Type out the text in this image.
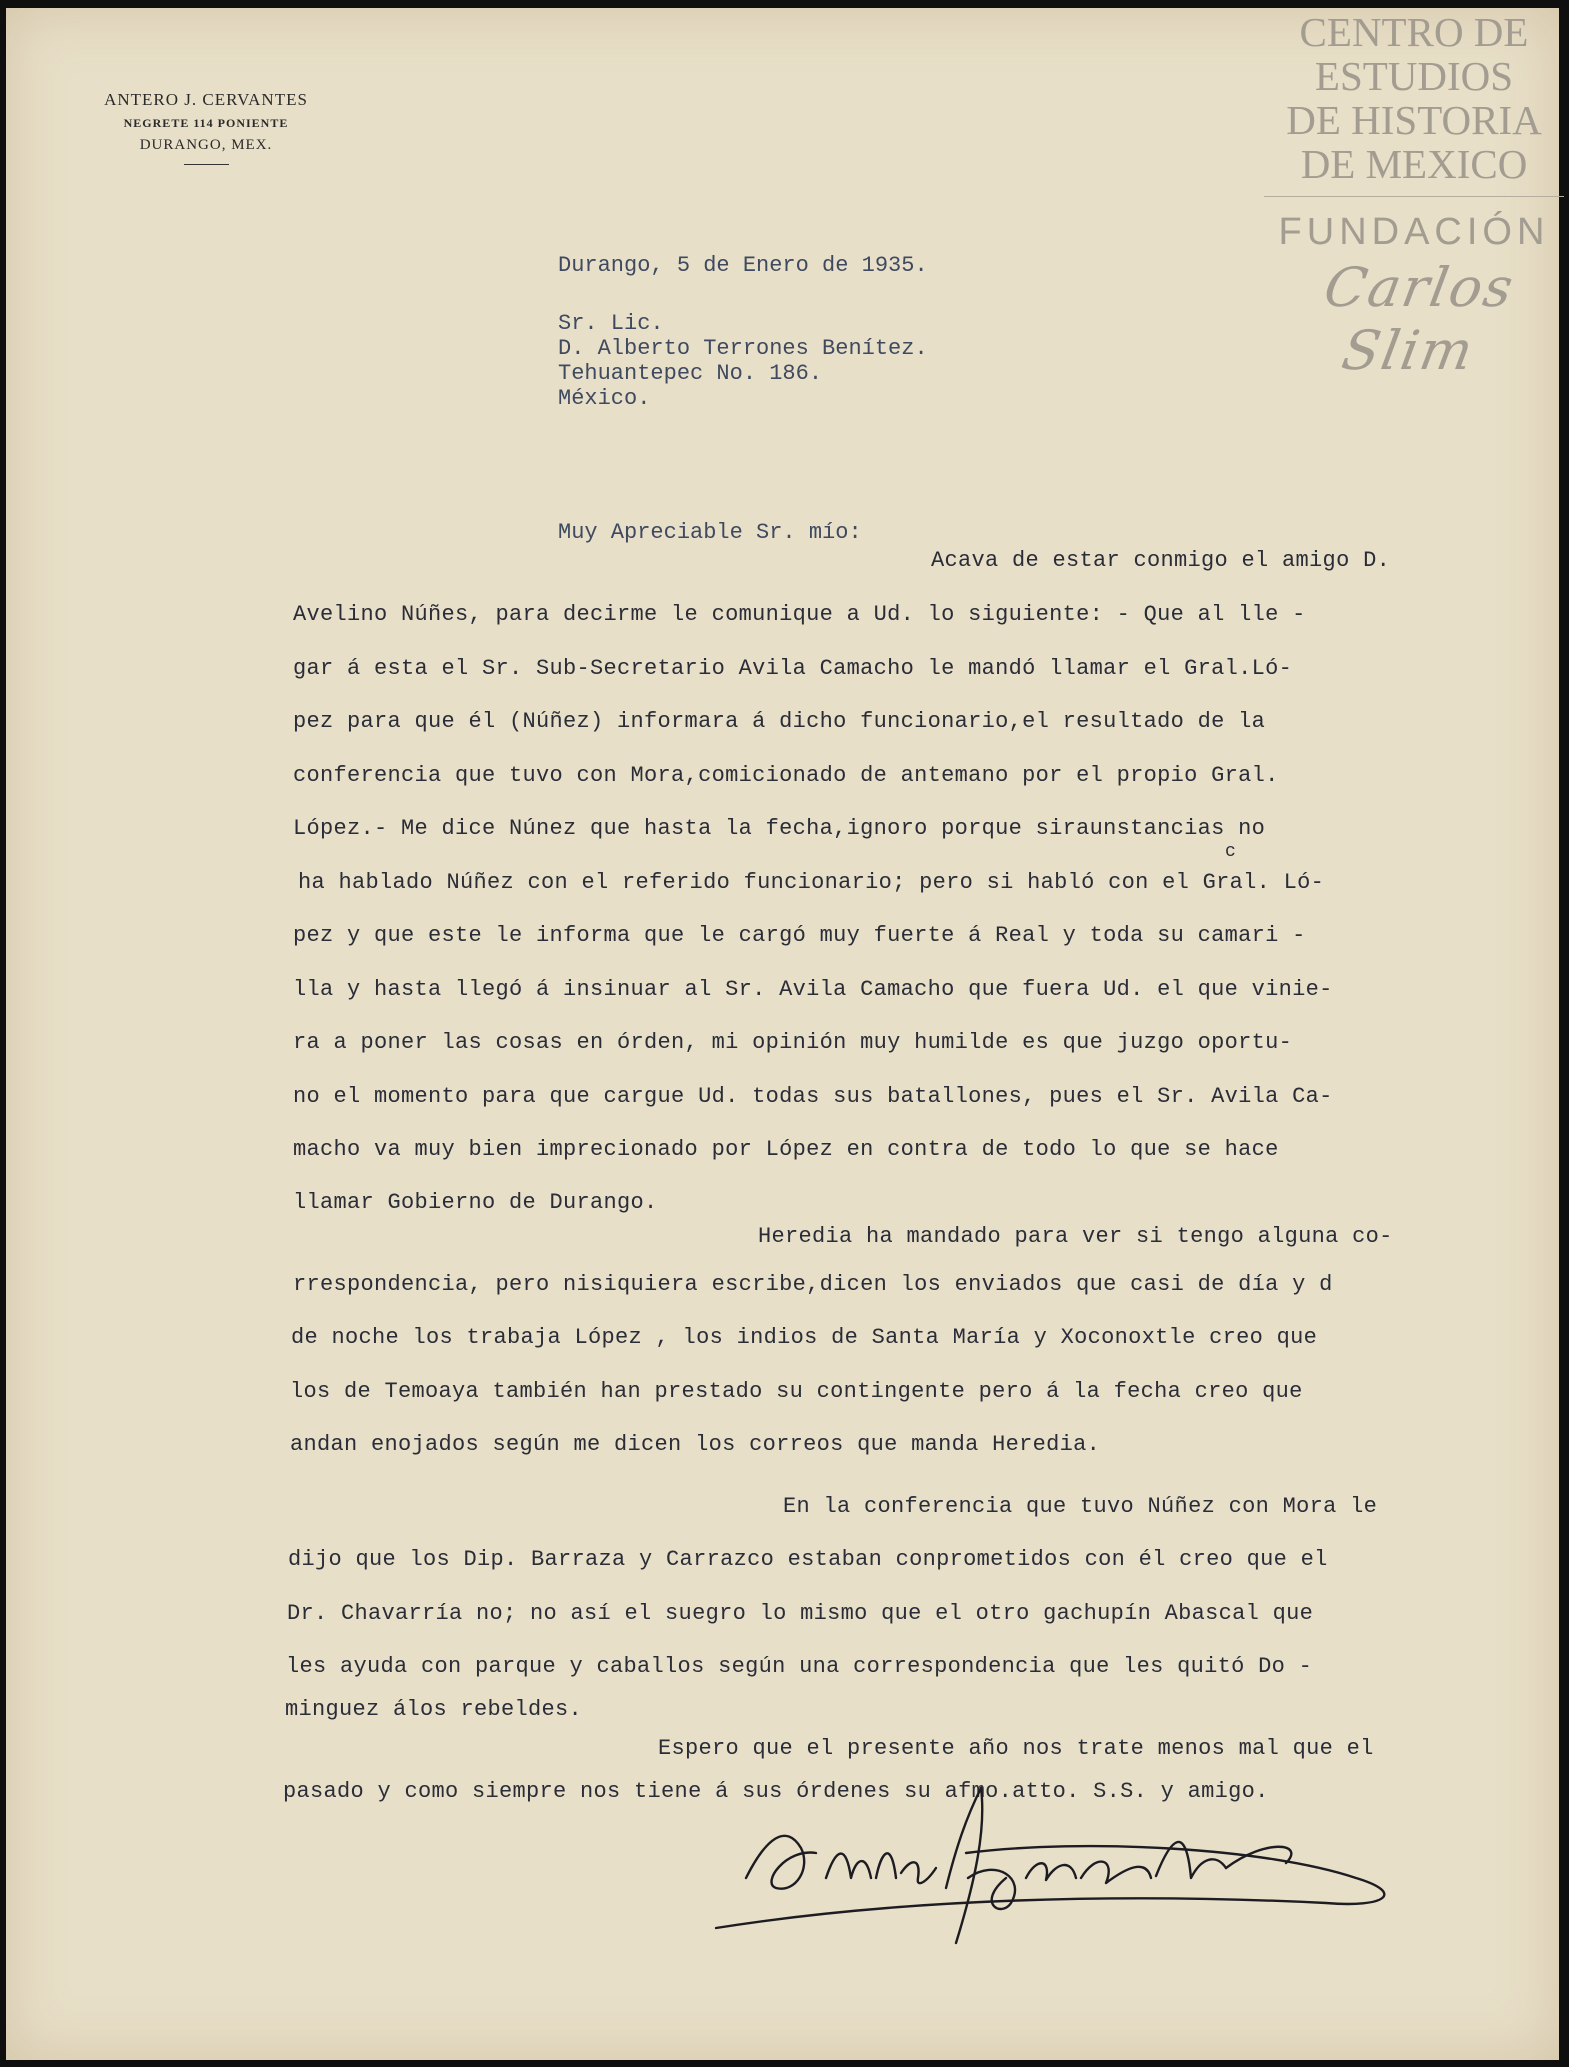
ANTERO J. CERVANTES
NEGRETE 114 PONIENTE
DURANGO, MEX.
CENTRO DE
ESTUDIOS
DE HISTORIA
DE MEXICO
FUNDACIÓN
Carlos Slim
Durango, 5 de Enero de 1935.
Sr. Lic.
D. Alberto Terrones Benítez.
Tehuantepec No. 186.
México.
Muy Apreciable Sr. mío:
Acava de estar conmigo el amigo D.
Avelino Núñes, para decirme le comunique a Ud. lo siguiente: - Que al lle -
gar á esta el Sr. Sub-Secretario Avila Camacho le mandó llamar el Gral.Ló-
pez para que él (Núñez) informara á dicho funcionario,el resultado de la
conferencia que tuvo con Mora,comicionado de antemano por el propio Gral.
López.- Me dice Núnez que hasta la fecha,ignoro porque siraunstancias no
c
ha hablado Núñez con el referido funcionario; pero si habló con el Gral. Ló-
pez y que este le informa que le cargó muy fuerte á Real y toda su camari -
lla y hasta llegó á insinuar al Sr. Avila Camacho que fuera Ud. el que vinie-
ra a poner las cosas en órden, mi opinión muy humilde es que juzgo oportu-
no el momento para que cargue Ud. todas sus batallones, pues el Sr. Avila Ca-
macho va muy bien imprecionado por López en contra de todo lo que se hace
llamar Gobierno de Durango.
Heredia ha mandado para ver si tengo alguna co-
rrespondencia, pero nisiquiera escribe,dicen los enviados que casi de día y d
de noche los trabaja López , los indios de Santa María y Xoconoxtle creo que
los de Temoaya también han prestado su contingente pero á la fecha creo que
andan enojados según me dicen los correos que manda Heredia.
En la conferencia que tuvo Núñez con Mora le
dijo que los Dip. Barraza y Carrazco estaban conprometidos con él creo que el
Dr. Chavarría no; no así el suegro lo mismo que el otro gachupín Abascal que
les ayuda con parque y caballos según una correspondencia que les quitó Do -
minguez álos rebeldes.
Espero que el presente año nos trate menos mal que el
pasado y como siempre nos tiene á sus órdenes su afmo.atto. S.S. y amigo.
